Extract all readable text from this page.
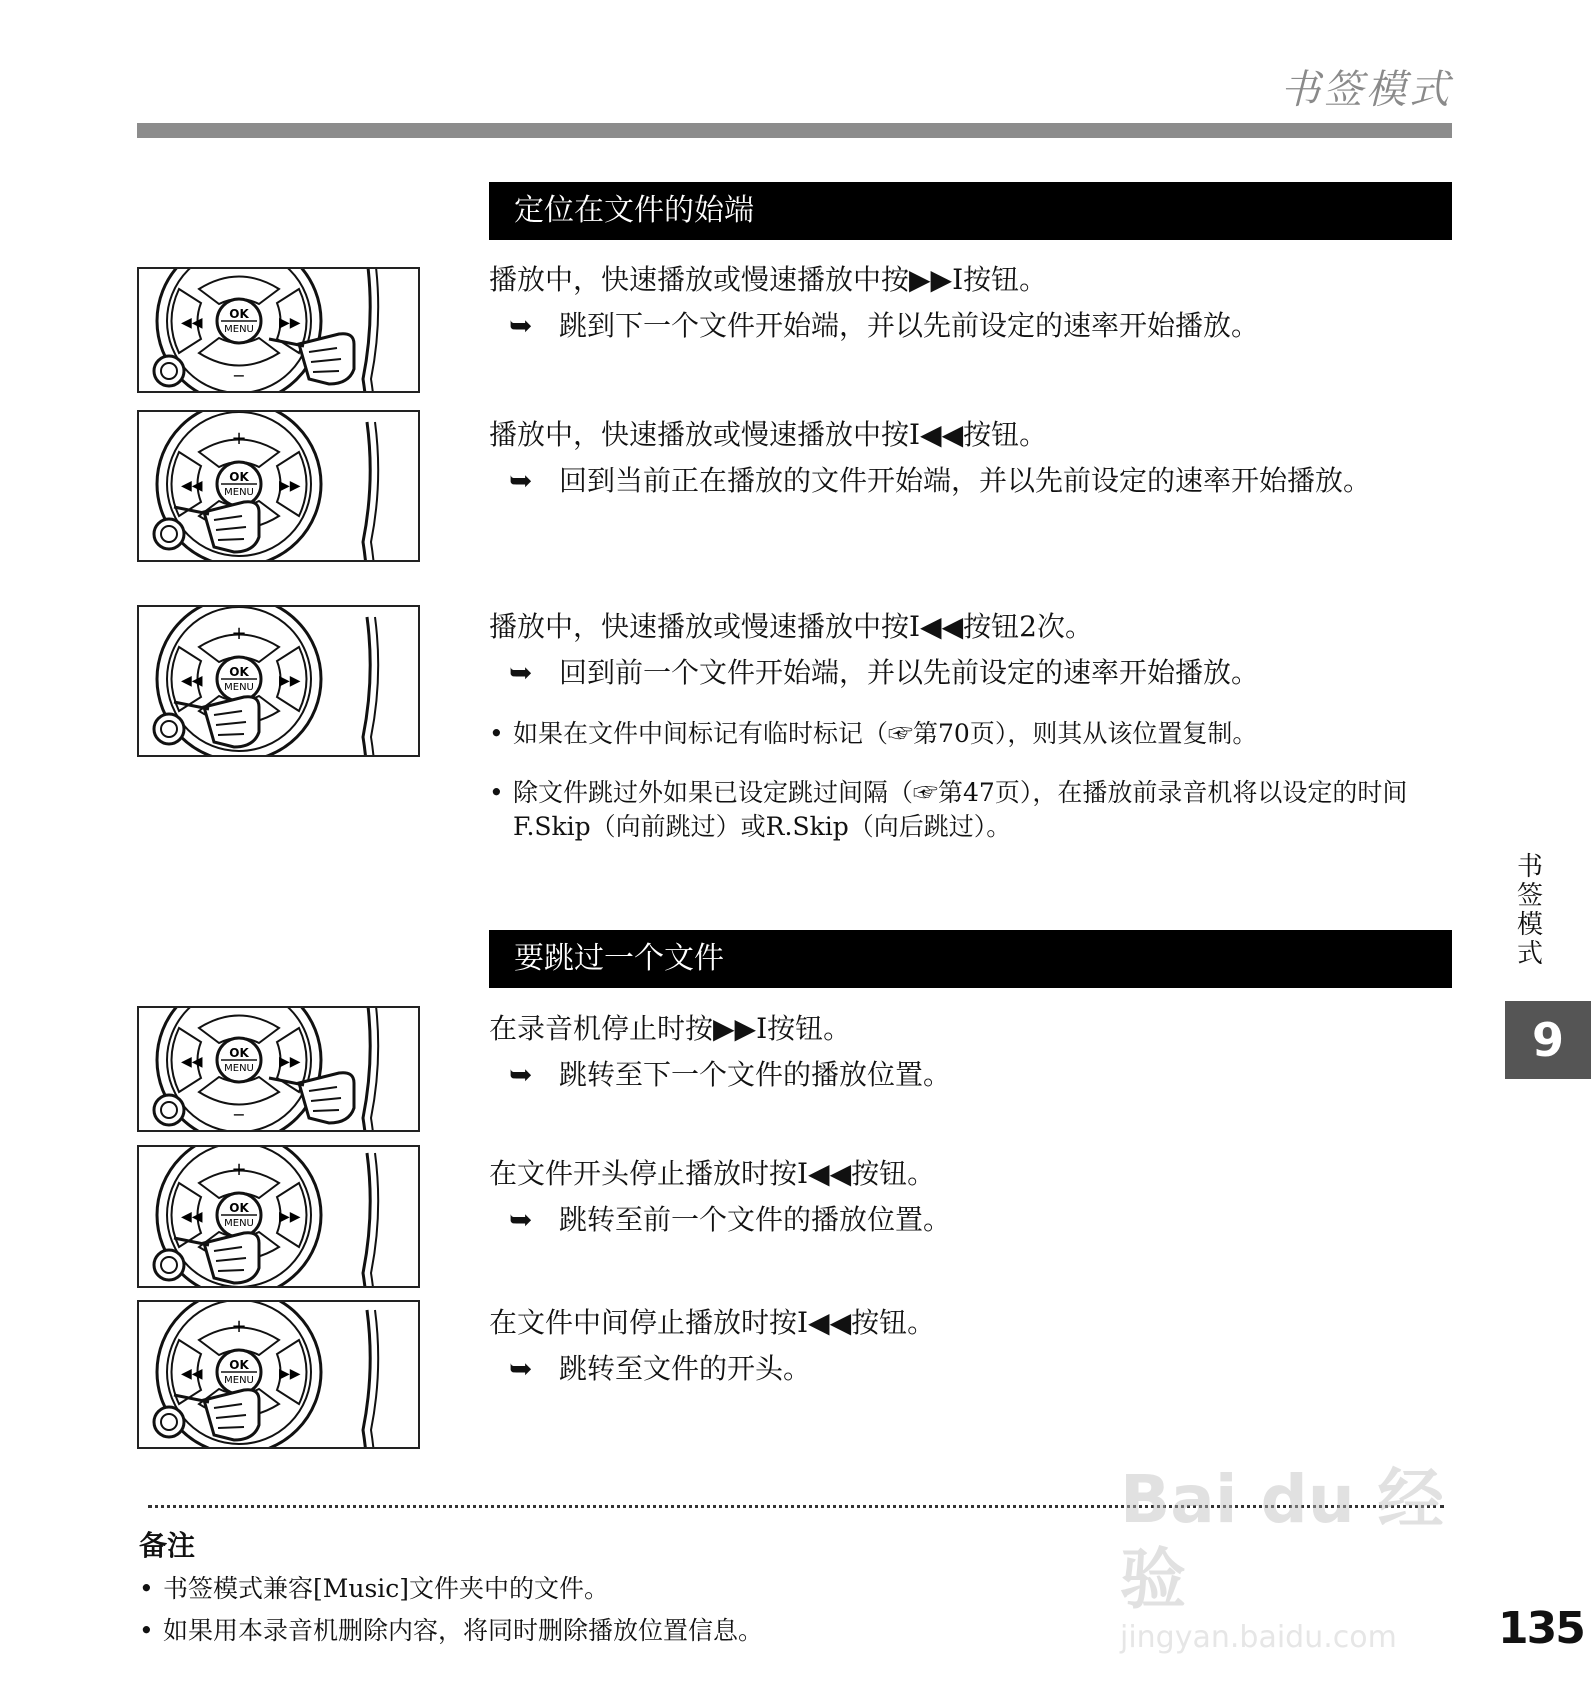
书签模式
定位在文件的始端
OK
MENU
−
播放中，快速播放或慢速播放中按▶▶I按钮。
➥ 跳到下一个文件开始端，并以先前设定的速率开始播放。
+
OK
MENU
播放中，快速播放或慢速播放中按I◀◀按钮。
➥ 回到当前正在播放的文件开始端，并以先前设定的速率开始播放。
+
OK
MENU
播放中，快速播放或慢速播放中按I◀◀按钮2次。
➥ 回到前一个文件开始端，并以先前设定的速率开始播放。
• 如果在文件中间标记有临时标记（☞第70页），则其从该位置复制。
• 除文件跳过外如果已设定跳过间隔（☞第47页），在播放前录音机将以设定的时间F.Skip（向前跳过）或R.Skip（向后跳过）。
要跳过一个文件
OK
MENU
−
在录音机停止时按▶▶I按钮。
➥ 跳转至下一个文件的播放位置。
+
OK
MENU
在文件开头停止播放时按I◀◀按钮。
➥ 跳转至前一个文件的播放位置。
+
OK
MENU
在文件中间停止播放时按I◀◀按钮。
➥ 跳转至文件的开头。
备注
• 书签模式兼容[Music]文件夹中的文件。
• 如果用本录音机删除内容，将同时删除播放位置信息。
书
签
模
式
9
Bai du 经验
jingyan.baidu.com	135
